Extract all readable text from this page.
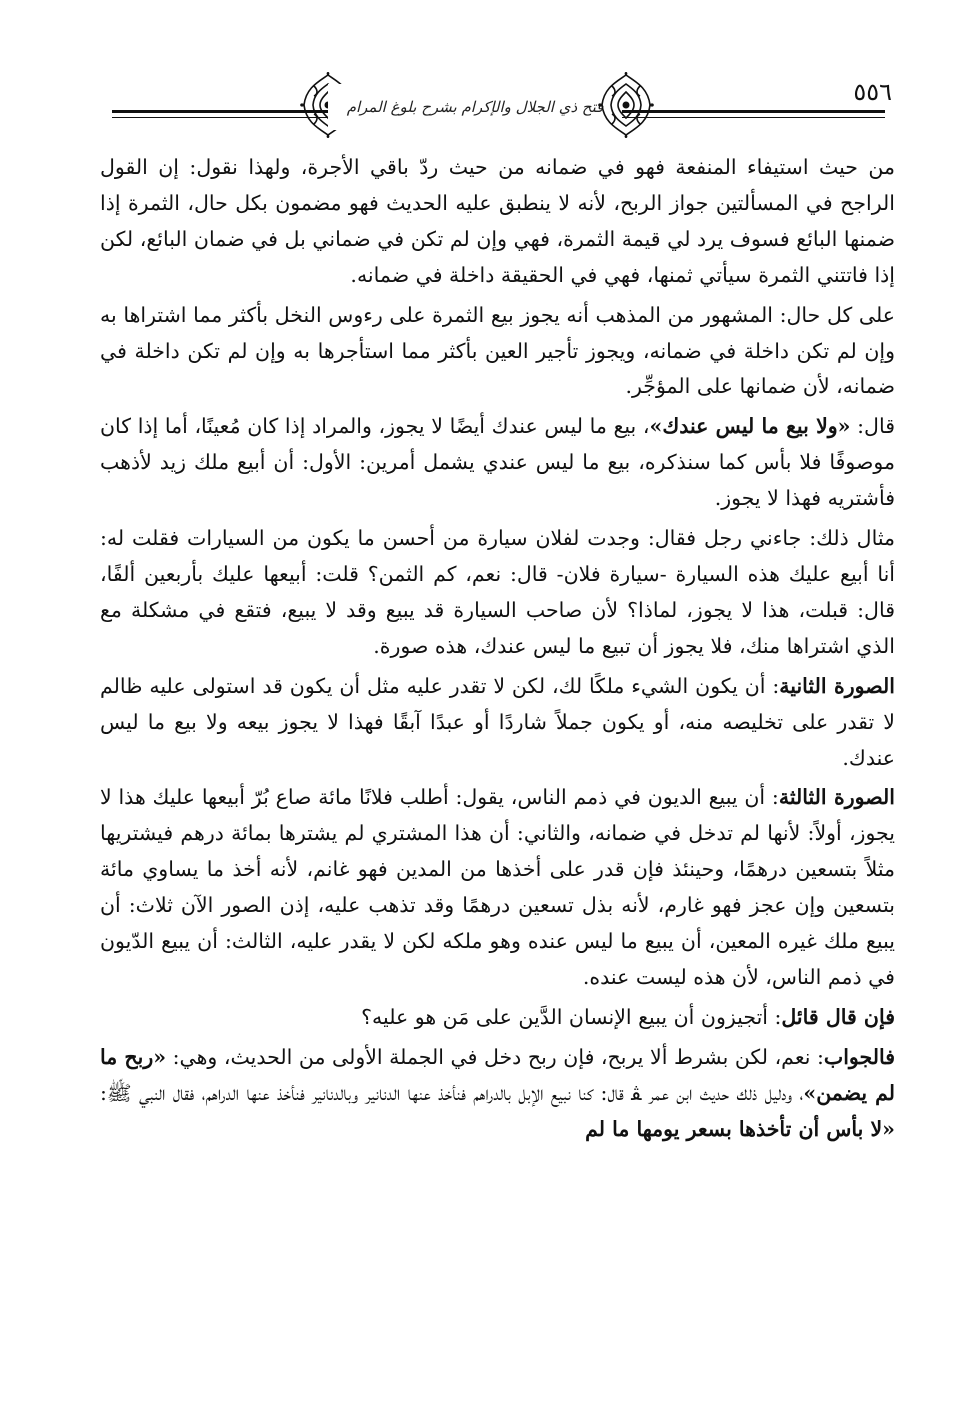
٥٥٦
فتح ذي الجلال والإكرام بشرح بلوغ المرام

من حيث استيفاء المنفعة فهو في ضمانه من حيث ردّ باقي الأجرة، ولهذا نقول: إن القول الراجح في المسألتين جواز الربح، لأنه لا ينطبق عليه الحديث فهو مضمون بكل حال، الثمرة إذا ضمنها البائع فسوف يرد لي قيمة الثمرة، فهي وإن لم تكن في ضماني بل في ضمان البائع، لكن إذا فاتتني الثمرة سيأتي ثمنها، فهي في الحقيقة داخلة في ضمانه.

على كل حال: المشهور من المذهب أنه يجوز بيع الثمرة على رءوس النخل بأكثر مما اشتراها به وإن لم تكن داخلة في ضمانه، ويجوز تأجير العين بأكثر مما استأجرها به وإن لم تكن داخلة في ضمانه، لأن ضمانها على المؤجِّر.

قال: «ولا بيع ما ليس عندك»، بيع ما ليس عندك أيضًا لا يجوز، والمراد إذا كان مُعينًا، أما إذا كان موصوفًا فلا بأس كما سنذكره، بيع ما ليس عندي يشمل أمرين: الأول: أن أبيع ملك زيد لأذهب فأشتريه فهذا لا يجوز.

مثال ذلك: جاءني رجل فقال: وجدت لفلان سيارة من أحسن ما يكون من السيارات فقلت له: أنا أبيع عليك هذه السيارة -سيارة فلان- قال: نعم، كم الثمن؟ قلت: أبيعها عليك بأربعين ألفًا، قال: قبلت، هذا لا يجوز، لماذا؟ لأن صاحب السيارة قد يبيع وقد لا يبيع، فتقع في مشكلة مع الذي اشتراها منك، فلا يجوز أن تبيع ما ليس عندك، هذه صورة.

الصورة الثانية: أن يكون الشيء ملكًا لك، لكن لا تقدر عليه مثل أن يكون قد استولى عليه ظالم لا تقدر على تخليصه منه، أو يكون جملاً شاردًا أو عبدًا آبقًا فهذا لا يجوز بيعه ولا بيع ما ليس عندك.

الصورة الثالثة: أن يبيع الديون في ذمم الناس، يقول: أطلب فلانًا مائة صاع بُرّ أبيعها عليك هذا لا يجوز، أولاً: لأنها لم تدخل في ضمانه، والثاني: أن هذا المشتري لم يشترها بمائة درهم فيشتريها مثلاً بتسعين درهمًا، وحينئذ فإن قدر على أخذها من المدين فهو غانم، لأنه أخذ ما يساوي مائة بتسعين وإن عجز فهو غارم، لأنه بذل تسعين درهمًا وقد تذهب عليه، إذن الصور الآن ثلاث: أن يبيع ملك غيره المعين، أن يبيع ما ليس عنده وهو ملكه لكن لا يقدر عليه، الثالث: أن يبيع الدّيون في ذمم الناس، لأن هذه ليست عنده.

فإن قال قائل: أتجيزون أن يبيع الإنسان الدَّين على مَن هو عليه؟

فالجواب: نعم، لكن بشرط ألا يربح، فإن ربح دخل في الجملة الأولى من الحديث، وهي: «ربح ما لم يضمن»، ودليل ذلك حديث ابن عمر ﭭ قال: كنا نبيع الإبل بالدراهم فنأخذ عنها الدنانير وبالدنانير فنأخذ عنها الدراهم، فقال النبي ﷺ: «لا بأس أن تأخذها بسعر يومها ما لم
